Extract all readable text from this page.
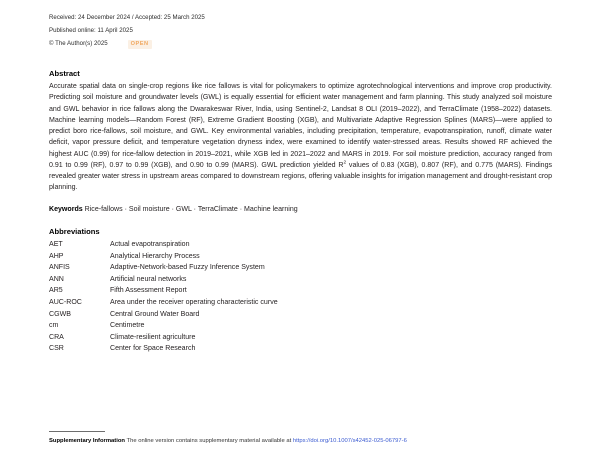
Received: 24 December 2024 / Accepted: 25 March 2025
Published online: 11 April 2025
© The Author(s) 2025	OPEN
Abstract
Accurate spatial data on single-crop regions like rice fallows is vital for policymakers to optimize agrotechnological interventions and improve crop productivity. Predicting soil moisture and groundwater levels (GWL) is equally essential for efficient water management and farm planning. This study analyzed soil moisture and GWL behavior in rice fallows along the Dwarakeswar River, India, using Sentinel-2, Landsat 8 OLI (2019–2022), and TerraClimate (1958–2022) datasets. Machine learning models—Random Forest (RF), Extreme Gradient Boosting (XGB), and Multivariate Adaptive Regression Splines (MARS)—were applied to predict boro rice-fallows, soil moisture, and GWL. Key environmental variables, including precipitation, temperature, evapotranspiration, runoff, climate water deficit, vapor pressure deficit, and temperature vegetation dryness index, were examined to identify water-stressed areas. Results showed RF achieved the highest AUC (0.99) for rice-fallow detection in 2019–2021, while XGB led in 2021–2022 and MARS in 2019. For soil moisture prediction, accuracy ranged from 0.91 to 0.99 (RF), 0.97 to 0.99 (XGB), and 0.90 to 0.99 (MARS). GWL prediction yielded $R^2$ values of 0.83 (XGB), 0.807 (RF), and 0.775 (MARS). Findings revealed greater water stress in upstream areas compared to downstream regions, offering valuable insights for irrigation management and drought-resistant crop planning.
Keywords Rice-fallows · Soil moisture · GWL · TerraClimate · Machine learning
Abbreviations
AET	Actual evapotranspiration
AHP	Analytical Hierarchy Process
ANFIS	Adaptive-Network-based Fuzzy Inference System
ANN	Artificial neural networks
AR5	Fifth Assessment Report
AUC-ROC	Area under the receiver operating characteristic curve
CGWB	Central Ground Water Board
cm	Centimetre
CRA	Climate-resilient agriculture
CSR	Center for Space Research
Supplementary Information The online version contains supplementary material available at https://doi.org/10.1007/s42452-025-06797-6
